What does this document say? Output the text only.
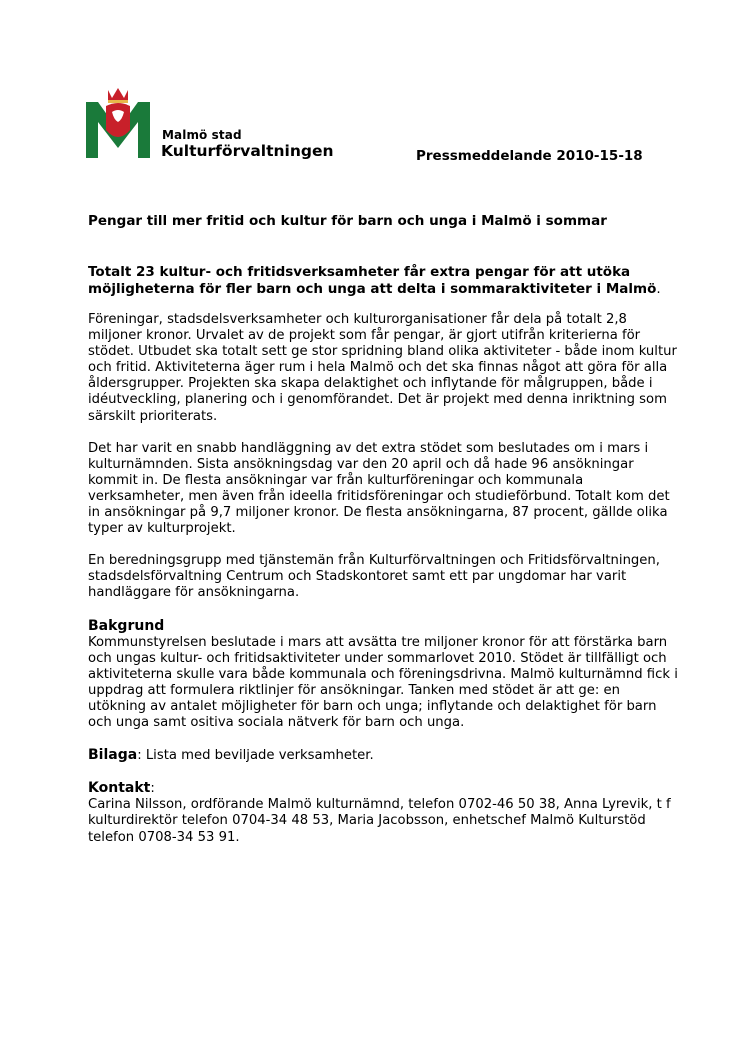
Malmö stad
Kulturförvaltningen	Pressmeddelande 2010-15-18
Pengar till mer fritid och kultur för barn och unga i Malmö i sommar
Totalt 23 kultur- och fritidsverksamheter får extra pengar för att utöka möjligheterna för fler barn och unga att delta i sommaraktiviteter i Malmö.

Föreningar, stadsdelsverksamheter och kulturorganisationer får dela på totalt 2,8 miljoner kronor. Urvalet av de projekt som får pengar, är gjort utifrån kriterierna för stödet. Utbudet ska totalt sett ge stor spridning bland olika aktiviteter - både inom kultur och fritid. Aktiviteterna äger rum i hela Malmö och det ska finnas något att göra för alla åldersgrupper. Projekten ska skapa delaktighet och inflytande för målgruppen, både i idéutveckling, planering och i genomförandet. Det är projekt med denna inriktning som särskilt prioriterats.

Det har varit en snabb handläggning av det extra stödet som beslutades om i mars i kulturnämnden. Sista ansökningsdag var den 20 april och då hade 96 ansökningar kommit in. De flesta ansökningar var från kulturföreningar och kommunala verksamheter, men även från ideella fritidsföreningar och studieförbund. Totalt kom det in ansökningar på 9,7 miljoner kronor. De flesta ansökningarna, 87 procent, gällde olika typer av kulturprojekt.

En beredningsgrupp med tjänstemän från Kulturförvaltningen och Fritidsförvaltningen, stadsdelsförvaltning Centrum och Stadskontoret samt ett par ungdomar har varit handläggare för ansökningarna.

Bakgrund
Kommunstyrelsen beslutade i mars att avsätta tre miljoner kronor för att förstärka barn och ungas kultur- och fritidsaktiviteter under sommarlovet 2010. Stödet är tillfälligt och aktiviteterna skulle vara både kommunala och föreningsdrivna. Malmö kulturnämnd fick i uppdrag att formulera riktlinjer för ansökningar. Tanken med stödet är att ge: en utökning av antalet möjligheter för barn och unga; inflytande och delaktighet för barn och unga samt ositiva sociala nätverk för barn och unga.

Bilaga: Lista med beviljade verksamheter.

Kontakt:
Carina Nilsson, ordförande Malmö kulturnämnd, telefon 0702-46 50 38, Anna Lyrevik, t f kulturdirektör telefon 0704-34 48 53, Maria Jacobsson, enhetschef Malmö Kulturstöd telefon 0708-34 53 91.
